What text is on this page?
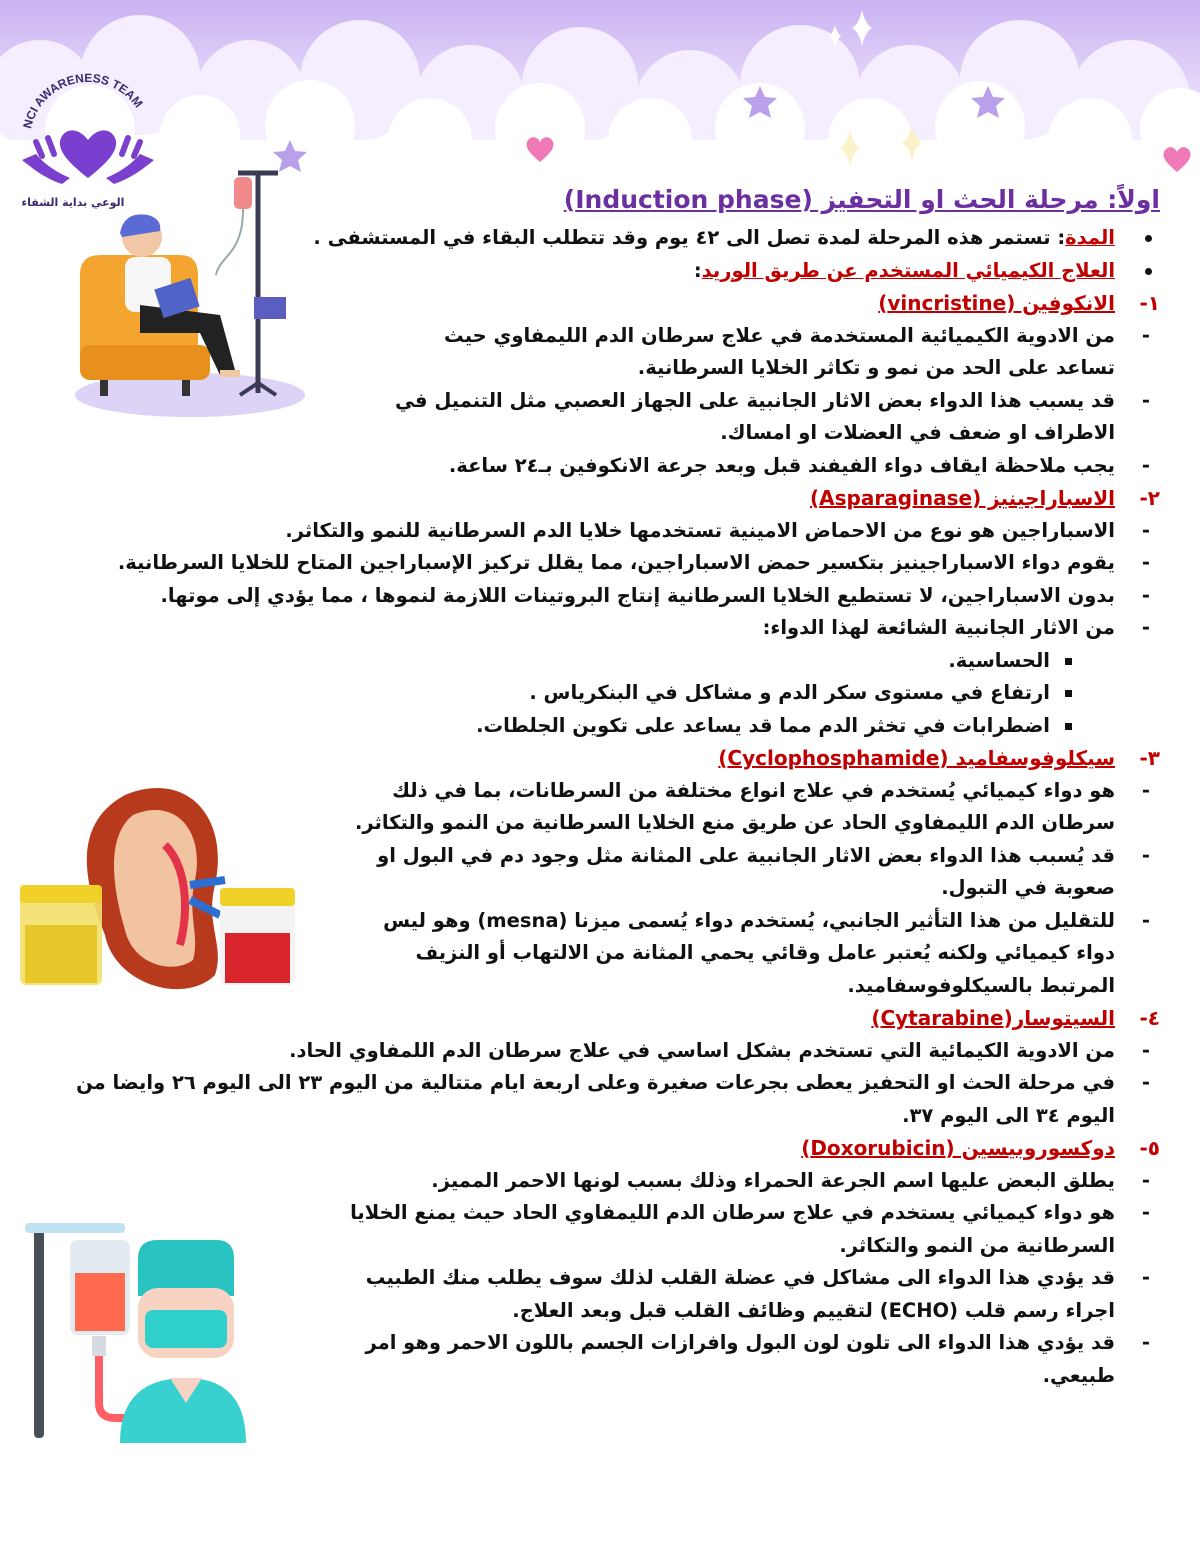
NCI AWARENESS TEAM
الوعي بداية الشفاء	اولاً: مرحلة الحث او التحفيز (Induction phase)
المدة: تستمر هذه المرحلة لمدة تصل الى ٤٢ يوم وقد تتطلب البقاء في المستشفى .
العلاج الكيميائي المستخدم عن طريق الوريد:
١-
الانكوفين (vincristine)
-
من الادوية الكيميائية المستخدمة في علاج سرطان الدم الليمفاوي حيث تساعد على الحد من نمو و تكاثر الخلايا السرطانية.
-
قد يسبب هذا الدواء بعض الاثار الجانبية على الجهاز العصبي مثل التنميل في الاطراف او ضعف في العضلات او امساك.
-
يجب ملاحظة ايقاف دواء الفيفند قبل وبعد جرعة الانكوفين بـ٢٤ ساعة.
٢-
الاسباراجينيز (Asparaginase)
-
الاسباراجين هو نوع من الاحماض الامينية تستخدمها خلايا الدم السرطانية للنمو والتكاثر.
-
يقوم دواء الاسباراجينيز بتكسير حمض الاسباراجين، مما يقلل تركيز الإسباراجين المتاح للخلايا السرطانية.
-
بدون الاسباراجين، لا تستطيع الخلايا السرطانية إنتاج البروتينات اللازمة لنموها ، مما يؤدي إلى موتها.
-
من الاثار الجانبية الشائعة لهذا الدواء:
الحساسية.
ارتفاع في مستوى سكر الدم و مشاكل في البنكرياس .
اضطرابات في تخثر الدم مما قد يساعد على تكوين الجلطات.
٣-
سيكلوفوسفاميد (Cyclophosphamide)
-
هو دواء كيميائي يُستخدم في علاج انواع مختلفة من السرطانات، بما في ذلك سرطان الدم الليمفاوي الحاد عن طريق منع الخلايا السرطانية من النمو والتكاثر.
-
قد يُسبب هذا الدواء بعض الاثار الجانبية على المثانة مثل وجود دم في البول او صعوبة في التبول.
-
للتقليل من هذا التأثير الجانبي، يُستخدم دواء يُسمى ميزنا (mesna) وهو ليس دواء كيميائي ولكنه يُعتبر عامل وقائي يحمي المثانة من الالتهاب أو النزيف المرتبط بالسيكلوفوسفاميد.
٤-
السيتوسار(Cytarabine)
-
من الادوية الكيمائية التي تستخدم بشكل اساسي في علاج سرطان الدم اللمفاوي الحاد.
-
في مرحلة الحث او التحفيز يعطى بجرعات صغيرة وعلى اربعة ايام متتالية من اليوم ٢٣ الى اليوم ٢٦ وايضا من اليوم ٣٤ الى اليوم ٣٧.
٥-
دوكسوروبيسين (Doxorubicin)
-
يطلق البعض عليها اسم الجرعة الحمراء وذلك بسبب لونها الاحمر المميز.
-
هو دواء كيميائي يستخدم في علاج سرطان الدم الليمفاوي الحاد حيث يمنع الخلايا السرطانية من النمو والتكاثر.
-
قد يؤدي هذا الدواء الى مشاكل في عضلة القلب لذلك سوف يطلب منك الطبيب اجراء رسم قلب (ECHO) لتقييم وظائف القلب قبل وبعد العلاج.
-
قد يؤدي هذا الدواء الى تلون لون البول وافرازات الجسم باللون الاحمر وهو امر طبيعي.
